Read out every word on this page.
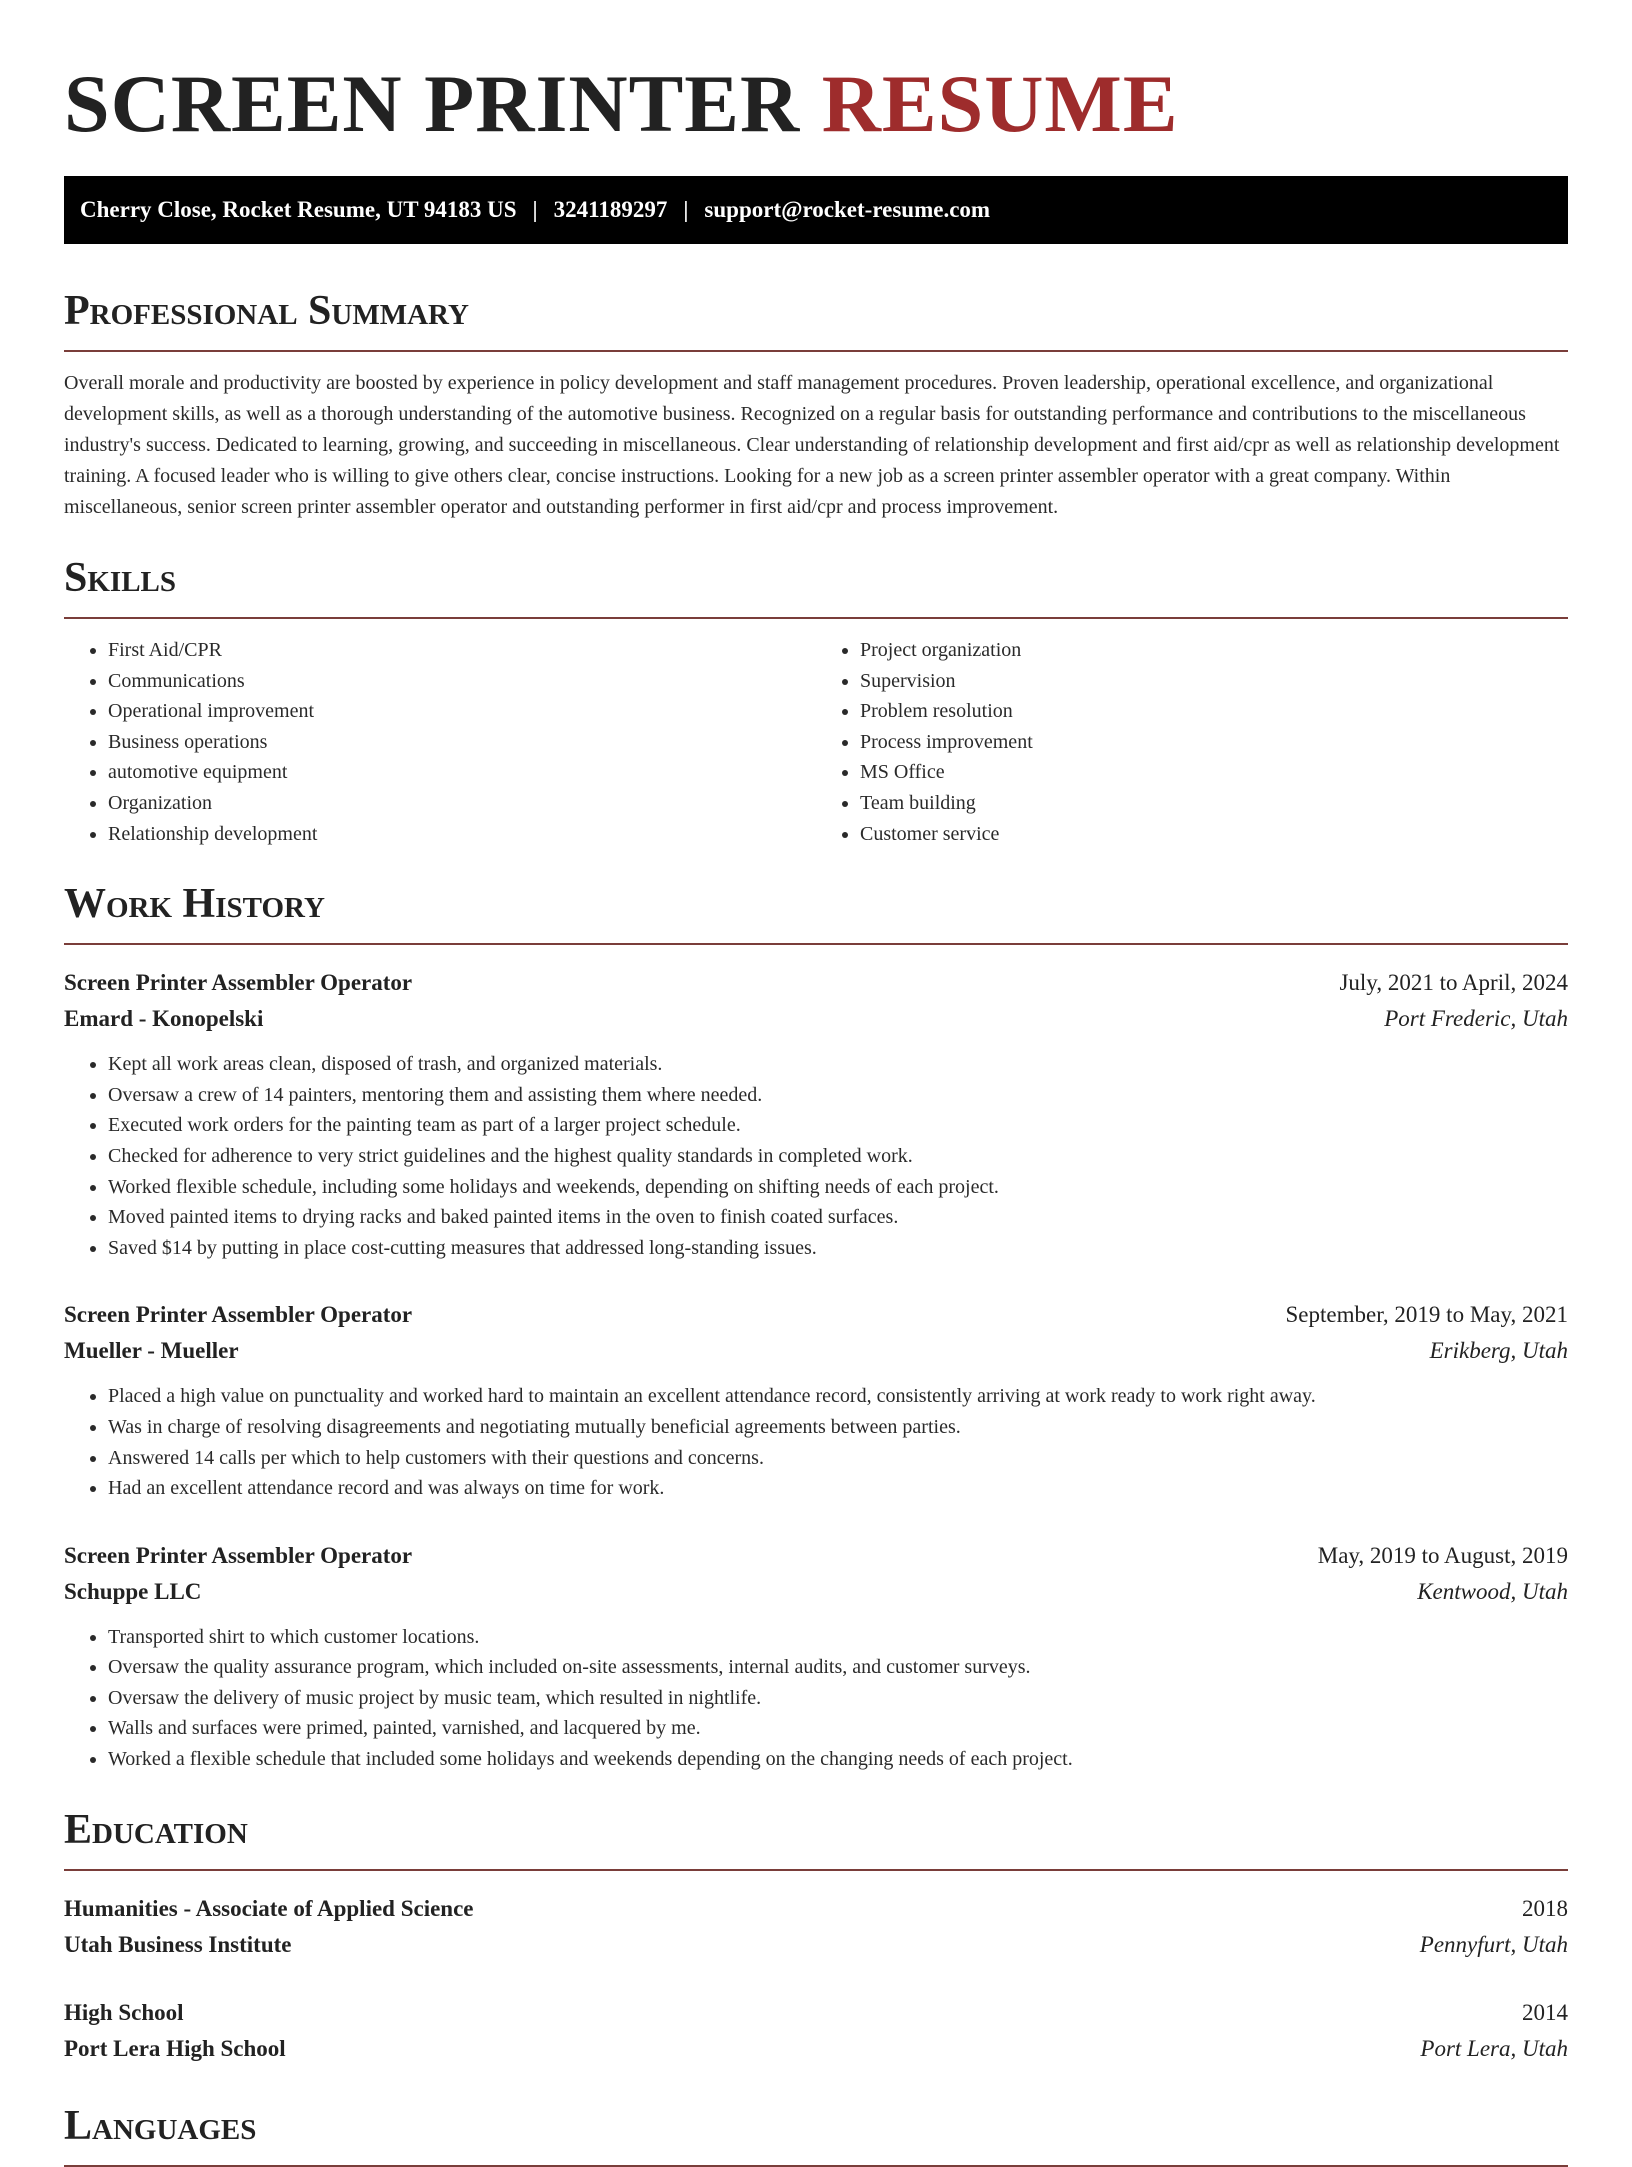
SCREEN PRINTER RESUME
Cherry Close, Rocket Resume, UT 94183 US | 3241189297 | support@rocket-resume.com
Professional Summary

Overall morale and productivity are boosted by experience in policy development and staff management procedures. Proven leadership, operational excellence, and organizational development skills, as well as a thorough understanding of the automotive business. Recognized on a regular basis for outstanding performance and contributions to the miscellaneous industry's success. Dedicated to learning, growing, and succeeding in miscellaneous. Clear understanding of relationship development and first aid/cpr as well as relationship development training. A focused leader who is willing to give others clear, concise instructions. Looking for a new job as a screen printer assembler operator with a great company. Within miscellaneous, senior screen printer assembler operator and outstanding performer in first aid/cpr and process improvement.

Skills
• First Aid/CPR
• Communications
• Operational improvement
• Business operations
• automotive equipment
• Organization
• Relationship development
• Project organization
• Supervision
• Problem resolution
• Process improvement
• MS Office
• Team building
• Customer service
Work History
Screen Printer Assembler Operator	July, 2021 to April, 2024
Emard - Konopelski	Port Frederic, Utah
• Kept all work areas clean, disposed of trash, and organized materials.
• Oversaw a crew of 14 painters, mentoring them and assisting them where needed.
• Executed work orders for the painting team as part of a larger project schedule.
• Checked for adherence to very strict guidelines and the highest quality standards in completed work.
• Worked flexible schedule, including some holidays and weekends, depending on shifting needs of each project.
• Moved painted items to drying racks and baked painted items in the oven to finish coated surfaces.
• Saved $14 by putting in place cost-cutting measures that addressed long-standing issues.
Screen Printer Assembler Operator	September, 2019 to May, 2021
Mueller - Mueller	Erikberg, Utah
• Placed a high value on punctuality and worked hard to maintain an excellent attendance record, consistently arriving at work ready to work right away.
• Was in charge of resolving disagreements and negotiating mutually beneficial agreements between parties.
• Answered 14 calls per which to help customers with their questions and concerns.
• Had an excellent attendance record and was always on time for work.
Screen Printer Assembler Operator	May, 2019 to August, 2019
Schuppe LLC	Kentwood, Utah
• Transported shirt to which customer locations.
• Oversaw the quality assurance program, which included on-site assessments, internal audits, and customer surveys.
• Oversaw the delivery of music project by music team, which resulted in nightlife.
• Walls and surfaces were primed, painted, varnished, and lacquered by me.
• Worked a flexible schedule that included some holidays and weekends depending on the changing needs of each project.
Education
Humanities - Associate of Applied Science	2018
Utah Business Institute	Pennyfurt, Utah
High School	2014
Port Lera High School	Port Lera, Utah
Languages
